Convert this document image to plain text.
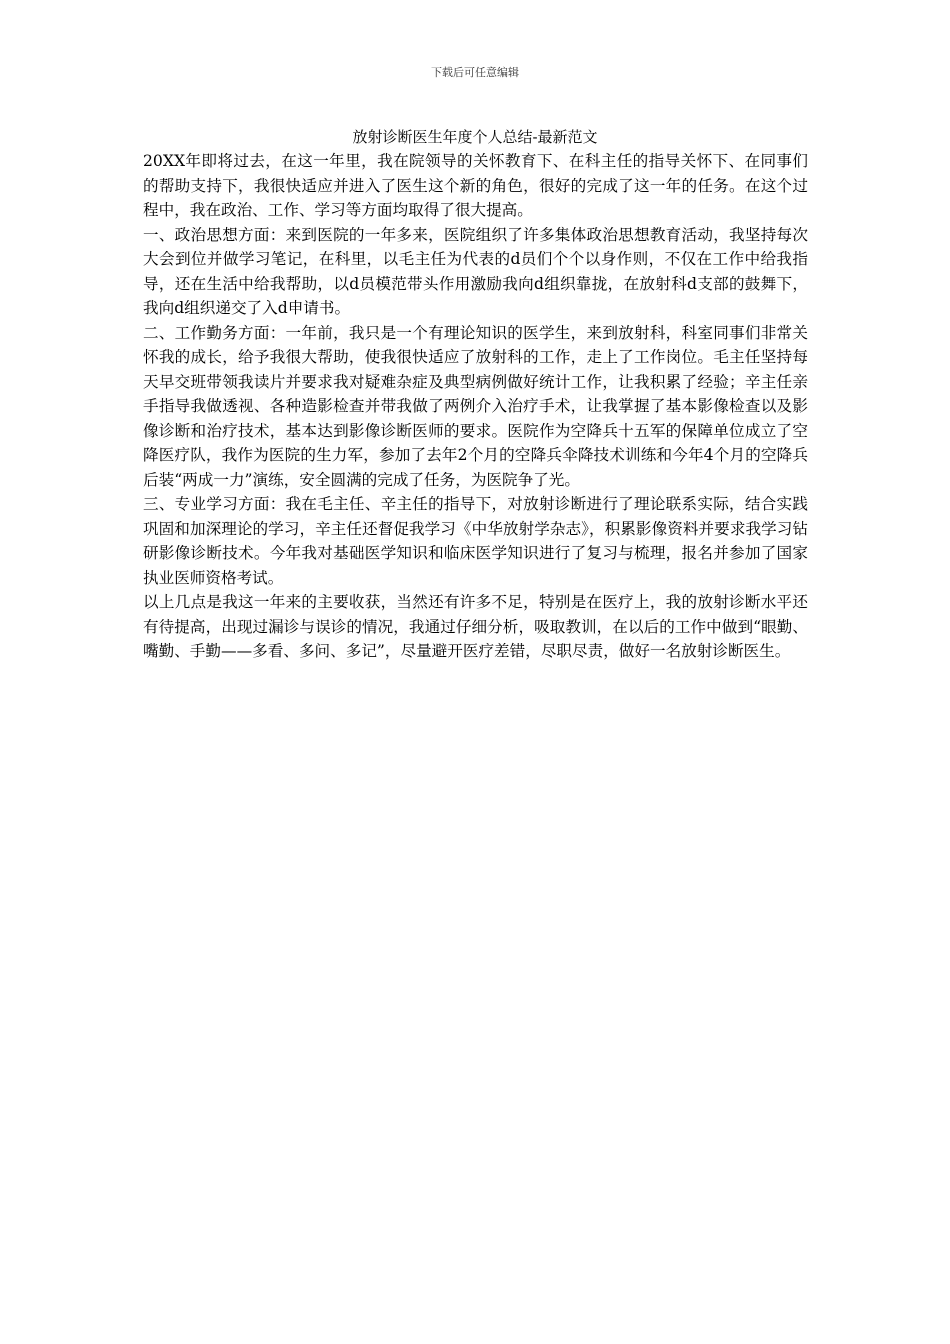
下载后可任意编辑
放射诊断医生年度个人总结-最新范文

20XX年即将过去，在这一年里，我在院领导的关怀教育下、在科主任的指导关怀下、在同事们的帮助支持下，我很快适应并进入了医生这个新的角色，很好的完成了这一年的任务。在这个过程中，我在政治、工作、学习等方面均取得了很大提高。

一、政治思想方面：来到医院的一年多来，医院组织了许多集体政治思想教育活动，我坚持每次大会到位并做学习笔记，在科里，以毛主任为代表的d员们个个以身作则，不仅在工作中给我指导，还在生活中给我帮助，以d员模范带头作用激励我向d组织靠拢，在放射科d支部的鼓舞下，我向d组织递交了入d申请书。

二、工作勤务方面：一年前，我只是一个有理论知识的医学生，来到放射科，科室同事们非常关怀我的成长，给予我很大帮助，使我很快适应了放射科的工作，走上了工作岗位。毛主任坚持每天早交班带领我读片并要求我对疑难杂症及典型病例做好统计工作，让我积累了经验；辛主任亲手指导我做透视、各种造影检查并带我做了两例介入治疗手术，让我掌握了基本影像检查以及影像诊断和治疗技术，基本达到影像诊断医师的要求。医院作为空降兵十五军的保障单位成立了空降医疗队，我作为医院的生力军，参加了去年2个月的空降兵伞降技术训练和今年4个月的空降兵后装“两成一力”演练，安全圆满的完成了任务，为医院争了光。

三、专业学习方面：我在毛主任、辛主任的指导下，对放射诊断进行了理论联系实际，结合实践巩固和加深理论的学习，辛主任还督促我学习《中华放射学杂志》，积累影像资料并要求我学习钻研影像诊断技术。今年我对基础医学知识和临床医学知识进行了复习与梳理，报名并参加了国家执业医师资格考试。

以上几点是我这一年来的主要收获，当然还有许多不足，特别是在医疗上，我的放射诊断水平还有待提高，出现过漏诊与误诊的情况，我通过仔细分析，吸取教训，在以后的工作中做到“眼勤、嘴勤、手勤——多看、多问、多记”，尽量避开医疗差错，尽职尽责，做好一名放射诊断医生。
